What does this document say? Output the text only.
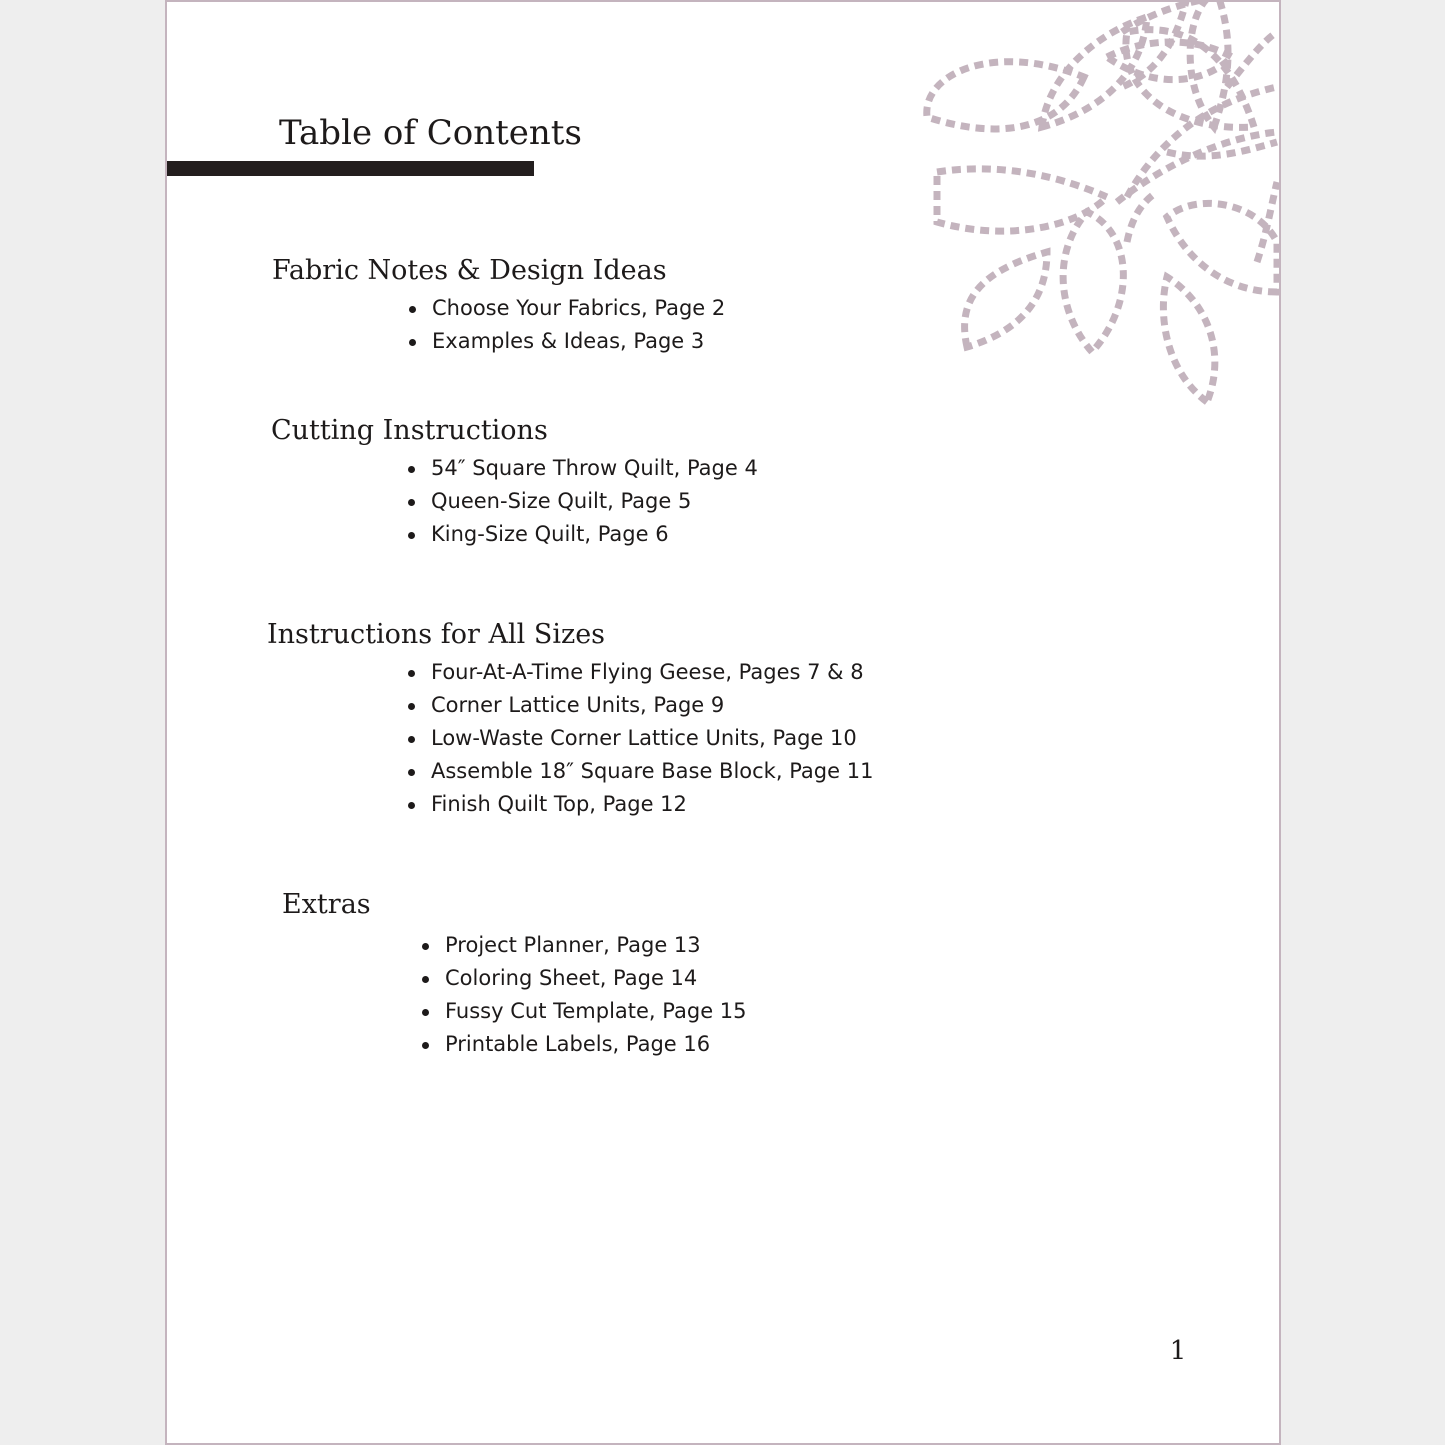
Table of Contents
Fabric Notes & Design Ideas
Choose Your Fabrics, Page 2
Examples & Ideas, Page 3
Cutting Instructions
54″ Square Throw Quilt, Page 4
Queen-Size Quilt, Page 5
King-Size Quilt, Page 6
Instructions for All Sizes
Four-At-A-Time Flying Geese, Pages 7 & 8
Corner Lattice Units, Page 9
Low-Waste Corner Lattice Units, Page 10
Assemble 18″ Square Base Block, Page 11
Finish Quilt Top, Page 12
Extras
Project Planner, Page 13
Coloring Sheet, Page 14
Fussy Cut Template, Page 15
Printable Labels, Page 16
1
